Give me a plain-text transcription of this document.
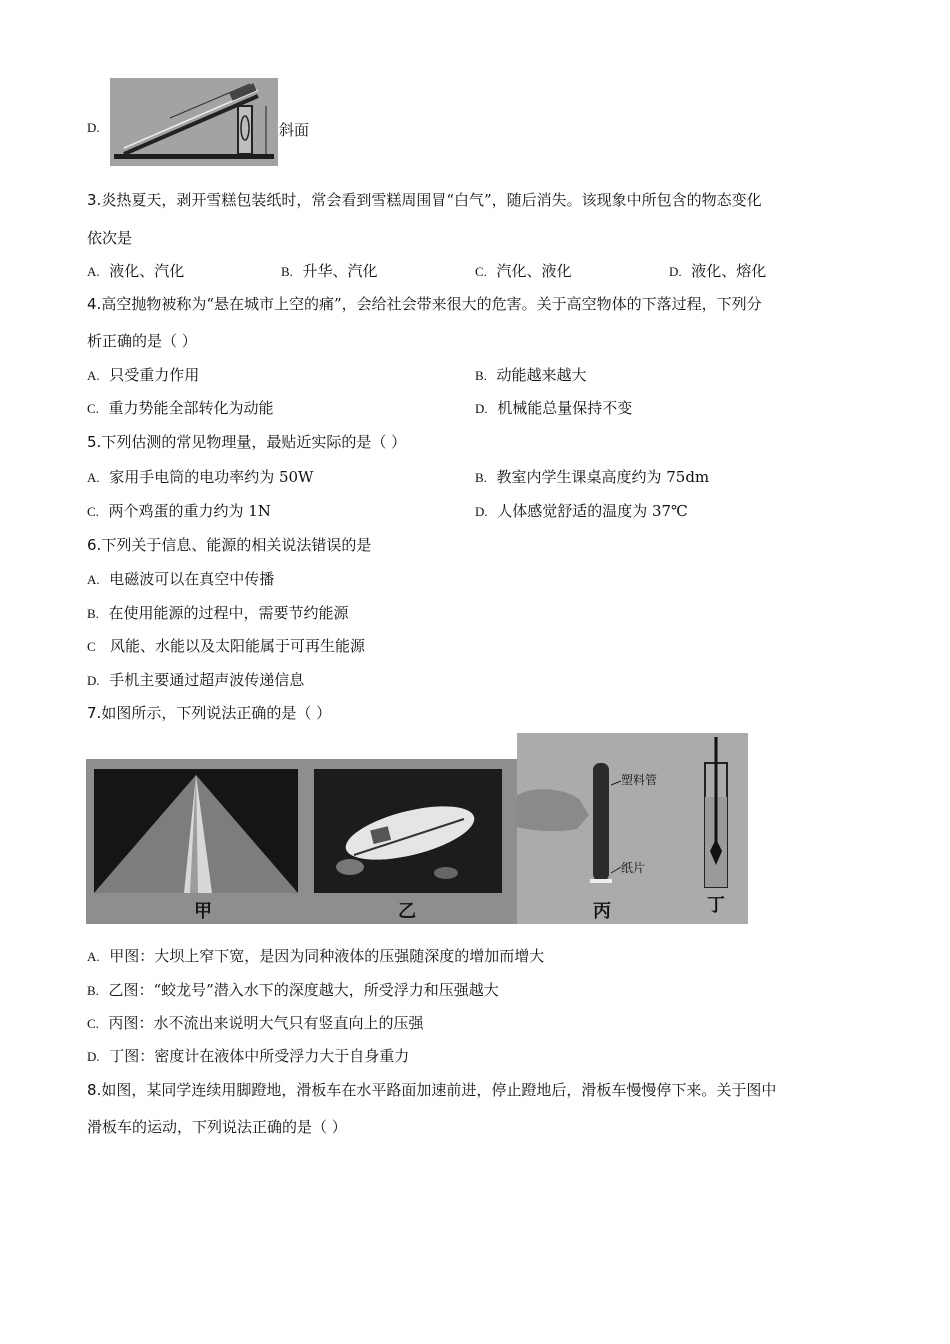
D.	斜面
3.炎热夏天，剥开雪糕包装纸时，常会看到雪糕周围冒“白气”，随后消失。该现象中所包含的物态变化
依次是
A. 液化、汽化	B. 升华、汽化	C. 汽化、液化	D. 液化、熔化
4.高空抛物被称为“悬在城市上空的痛”，会给社会带来很大的危害。关于高空物体的下落过程，下列分
析正确的是（ ）
A. 只受重力作用	B. 动能越来越大
C. 重力势能全部转化为动能	D. 机械能总量保持不变
5.下列估测的常见物理量，最贴近实际的是（ ）
A. 家用手电筒的电功率约为 50W	B. 教室内学生课桌高度约为 75dm
C. 两个鸡蛋的重力约为 1N	D. 人体感觉舒适的温度为 37℃
6.下列关于信息、能源的相关说法错误的是
A. 电磁波可以在真空中传播
B. 在使用能源的过程中，需要节约能源
C 风能、水能以及太阳能属于可再生能源
D. 手机主要通过超声波传递信息
7.如图所示，下列说法正确的是（ ）
甲	乙
塑料管
纸片
丙	丁
A. 甲图：大坝上窄下宽，是因为同种液体的压强随深度的增加而增大
B. 乙图：“蛟龙号”潜入水下的深度越大，所受浮力和压强越大
C. 丙图：水不流出来说明大气只有竖直向上的压强
D. 丁图：密度计在液体中所受浮力大于自身重力
8.如图，某同学连续用脚蹬地，滑板车在水平路面加速前进，停止蹬地后，滑板车慢慢停下来。关于图中
滑板车的运动，下列说法正确的是（ ）
